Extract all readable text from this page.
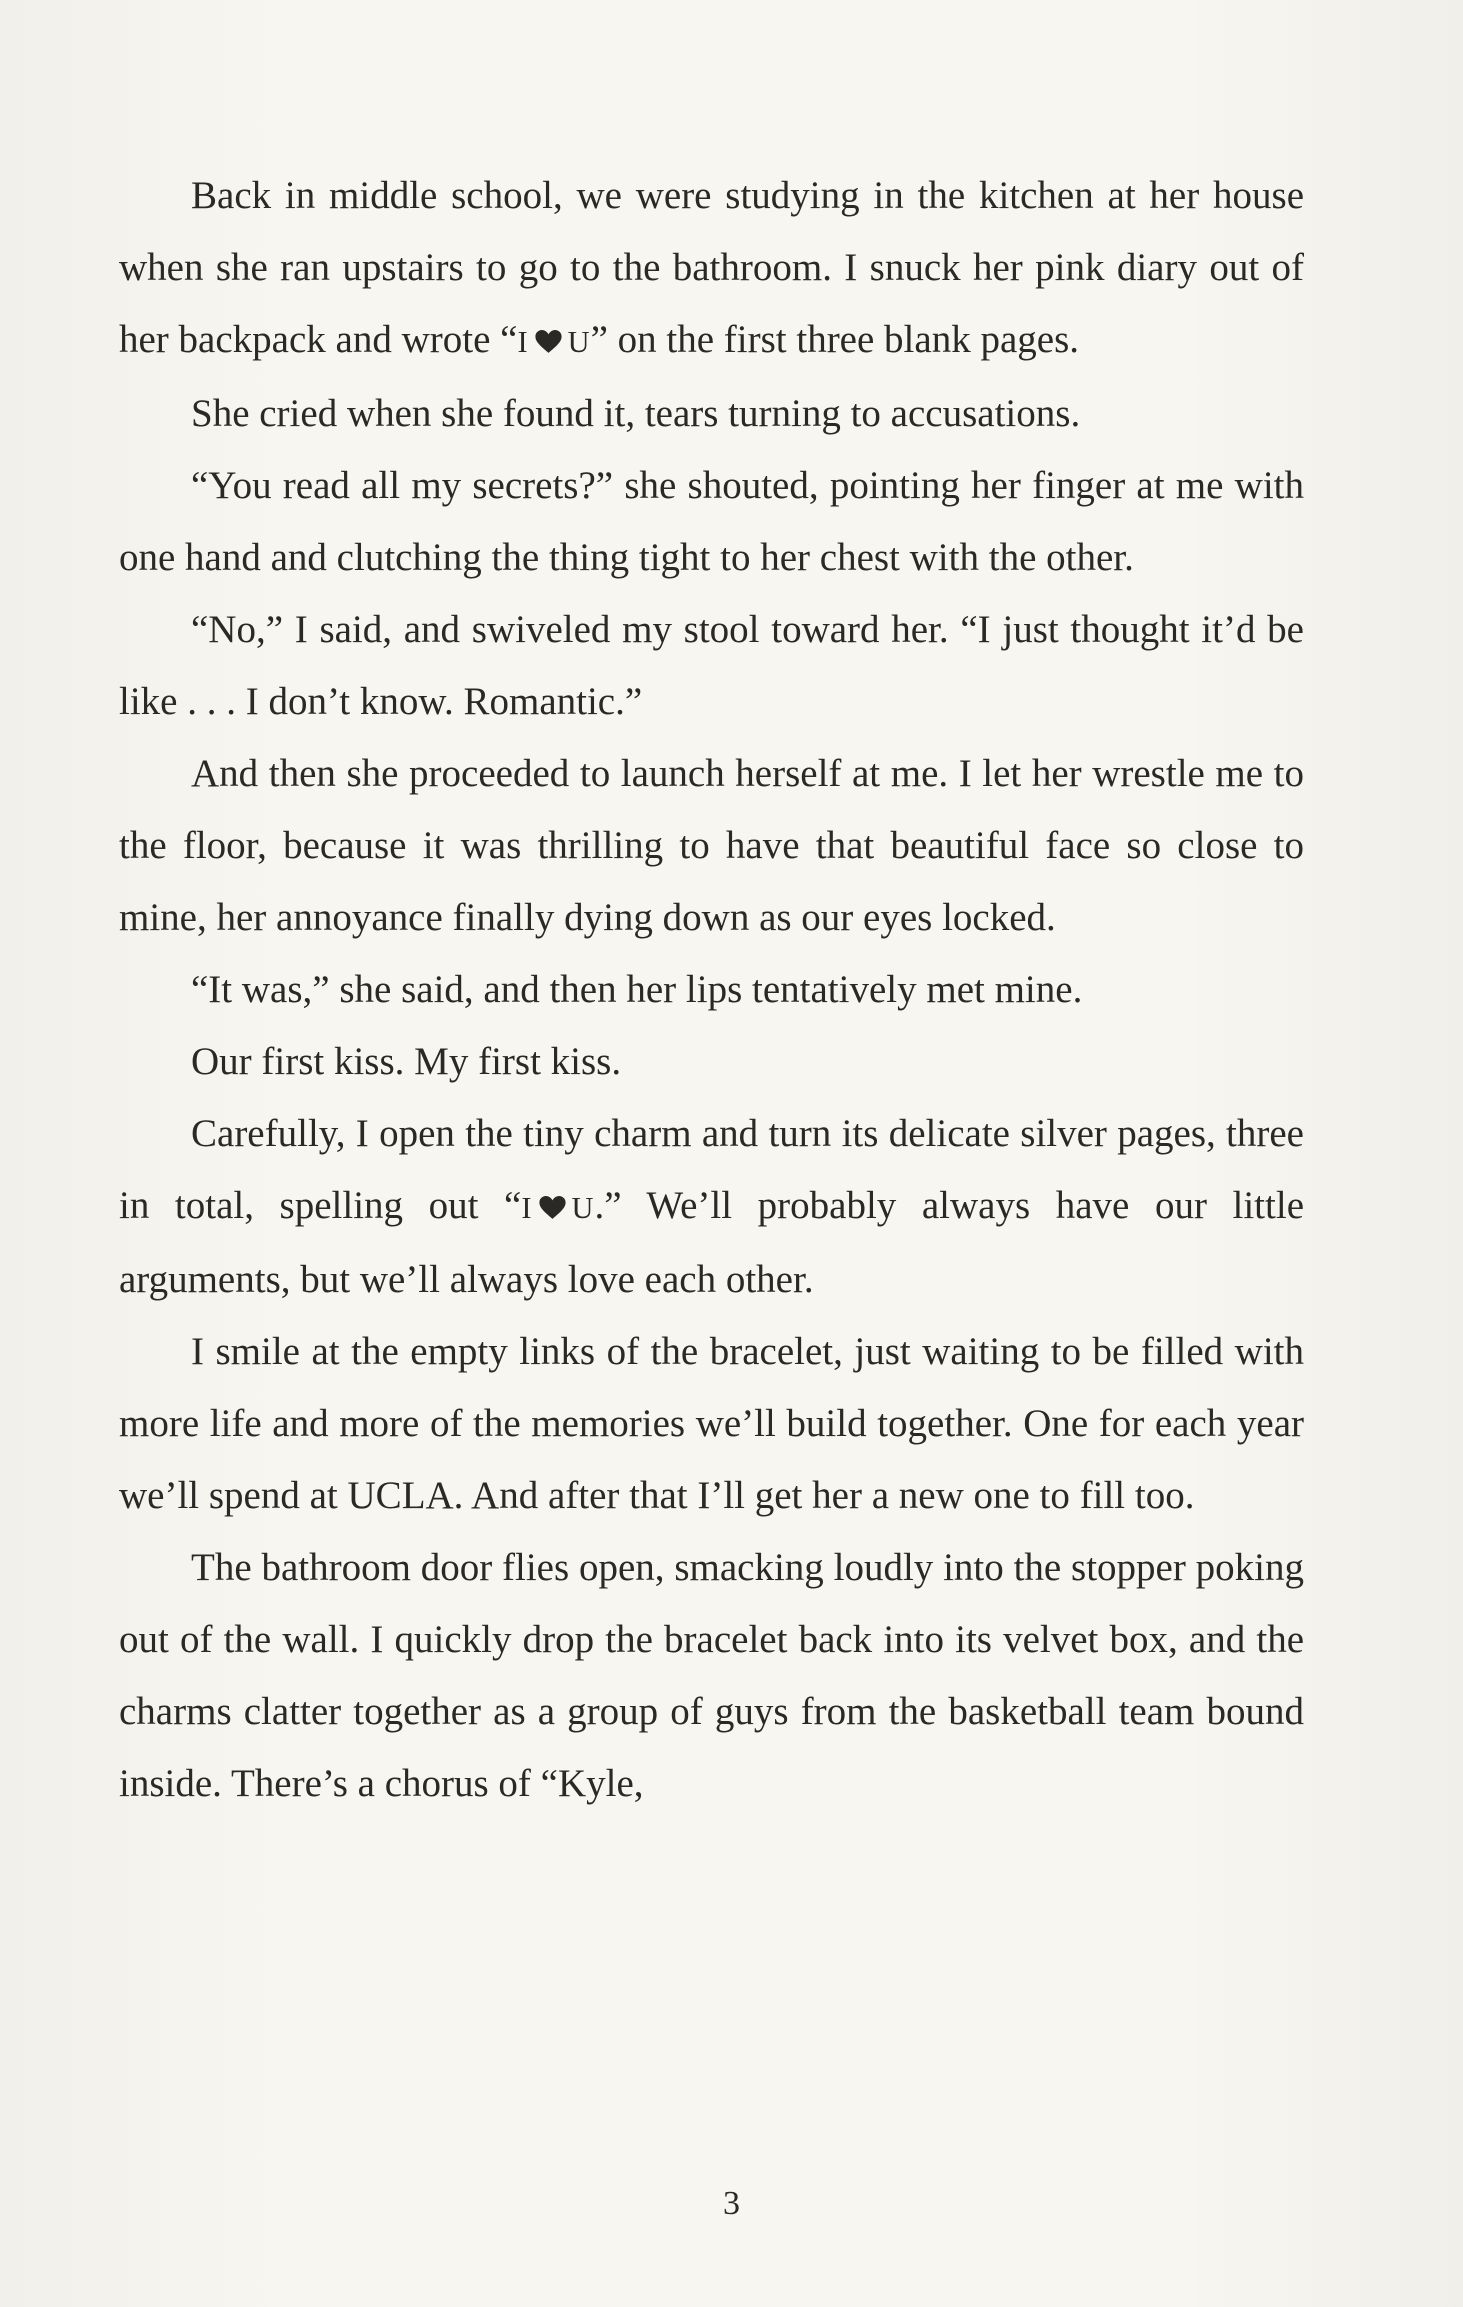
Back in middle school, we were studying in the kitchen at her house when she ran upstairs to go to the bathroom. I snuck her pink diary out of her backpack and wrote “I U” on the first three blank pages.

She cried when she found it, tears turning to accusations.

“You read all my secrets?” she shouted, pointing her finger at me with one hand and clutching the thing tight to her chest with the other.

“No,” I said, and swiveled my stool toward her. “I just thought it’d be like . . . I don’t know. Romantic.”

And then she proceeded to launch herself at me. I let her wrestle me to the floor, because it was thrilling to have that beautiful face so close to mine, her annoyance finally dying down as our eyes locked.

“It was,” she said, and then her lips tentatively met mine.

Our first kiss. My first kiss.

Carefully, I open the tiny charm and turn its delicate silver pages, three in total, spelling out “I U.” We’ll probably always have our little arguments, but we’ll always love each other.

I smile at the empty links of the bracelet, just waiting to be filled with more life and more of the memories we’ll build together. One for each year we’ll spend at UCLA. And after that I’ll get her a new one to fill too.

The bathroom door flies open, smacking loudly into the stopper poking out of the wall. I quickly drop the bracelet back into its velvet box, and the charms clatter together as a group of guys from the basketball team bound inside. There’s a chorus of “Kyle,

3
